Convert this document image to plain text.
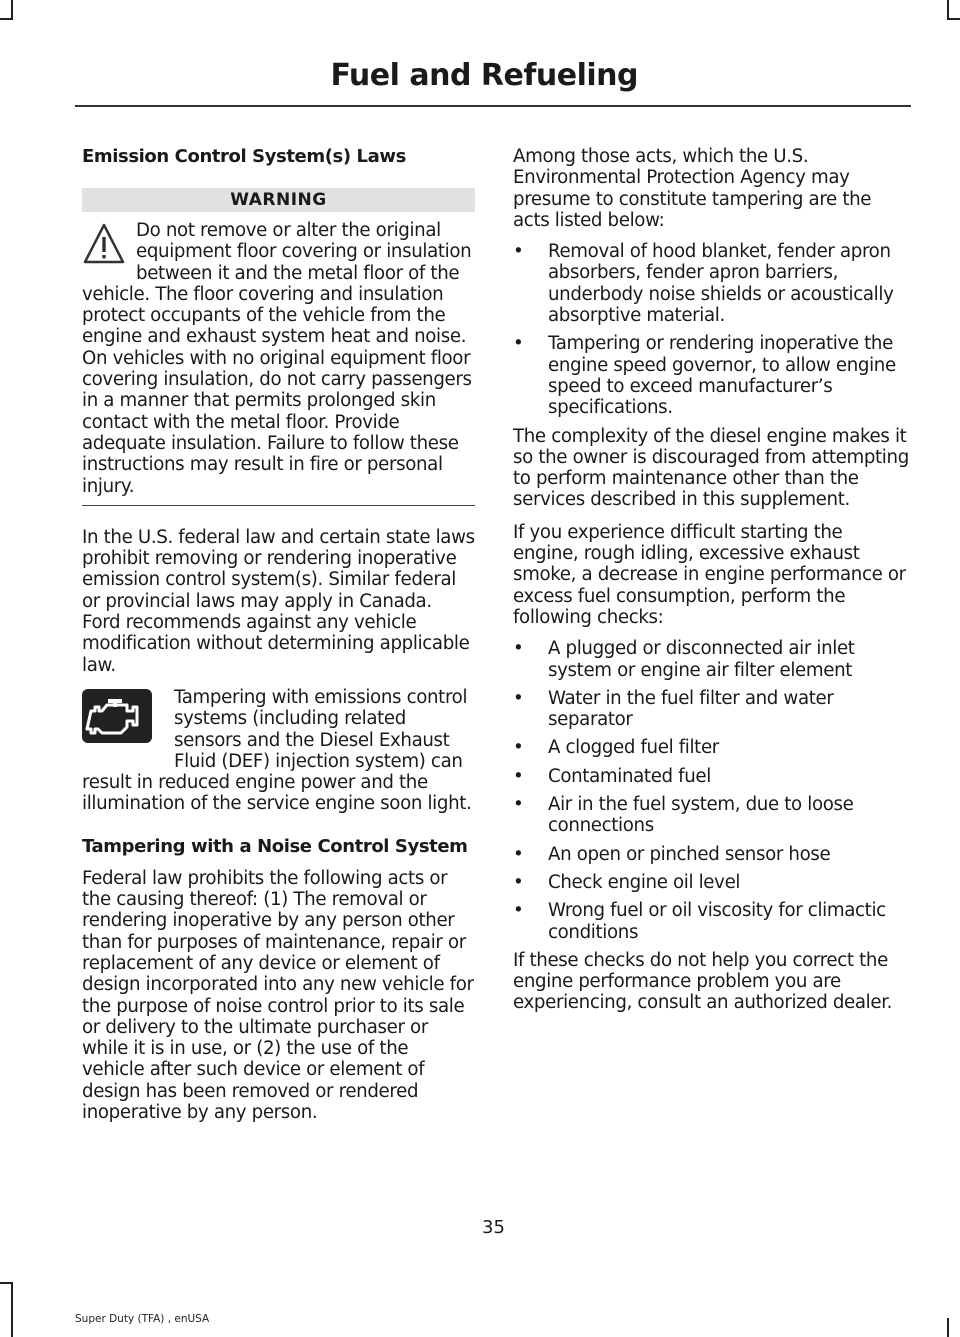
Fuel and Refueling
Emission Control System(s) Laws
WARNING

Do not remove or alter the original equipment floor covering or insulation between it and the metal floor of the vehicle. The floor covering and insulation protect occupants of the vehicle from the engine and exhaust system heat and noise. On vehicles with no original equipment floor covering insulation, do not carry passengers in a manner that permits prolonged skin contact with the metal floor. Provide adequate insulation. Failure to follow these instructions may result in fire or personal injury.

In the U.S. federal law and certain state laws prohibit removing or rendering inoperative emission control system(s). Similar federal or provincial laws may apply in Canada. Ford recommends against any vehicle modification without determining applicable law.

Tampering with emissions control systems (including related sensors and the Diesel Exhaust Fluid (DEF) injection system) can result in reduced engine power and the illumination of the service engine soon light.

Tampering with a Noise Control System

Federal law prohibits the following acts or the causing thereof: (1) The removal or rendering inoperative by any person other than for purposes of maintenance, repair or replacement of any device or element of design incorporated into any new vehicle for the purpose of noise control prior to its sale or delivery to the ultimate purchaser or while it is in use, or (2) the use of the vehicle after such device or element of design has been removed or rendered inoperative by any person.

Among those acts, which the U.S. Environmental Protection Agency may presume to constitute tampering are the acts listed below:

• Removal of hood blanket, fender apron absorbers, fender apron barriers, underbody noise shields or acoustically absorptive material.
• Tampering or rendering inoperative the engine speed governor, to allow engine speed to exceed manufacturer’s specifications.

The complexity of the diesel engine makes it so the owner is discouraged from attempting to perform maintenance other than the services described in this supplement.

If you experience difficult starting the engine, rough idling, excessive exhaust smoke, a decrease in engine performance or excess fuel consumption, perform the following checks:

• A plugged or disconnected air inlet system or engine air filter element
• Water in the fuel filter and water separator
• A clogged fuel filter
• Contaminated fuel
• Air in the fuel system, due to loose connections
• An open or pinched sensor hose
• Check engine oil level
• Wrong fuel or oil viscosity for climactic conditions

If these checks do not help you correct the engine performance problem you are experiencing, consult an authorized dealer.

35
Super Duty (TFA) , enUSA
